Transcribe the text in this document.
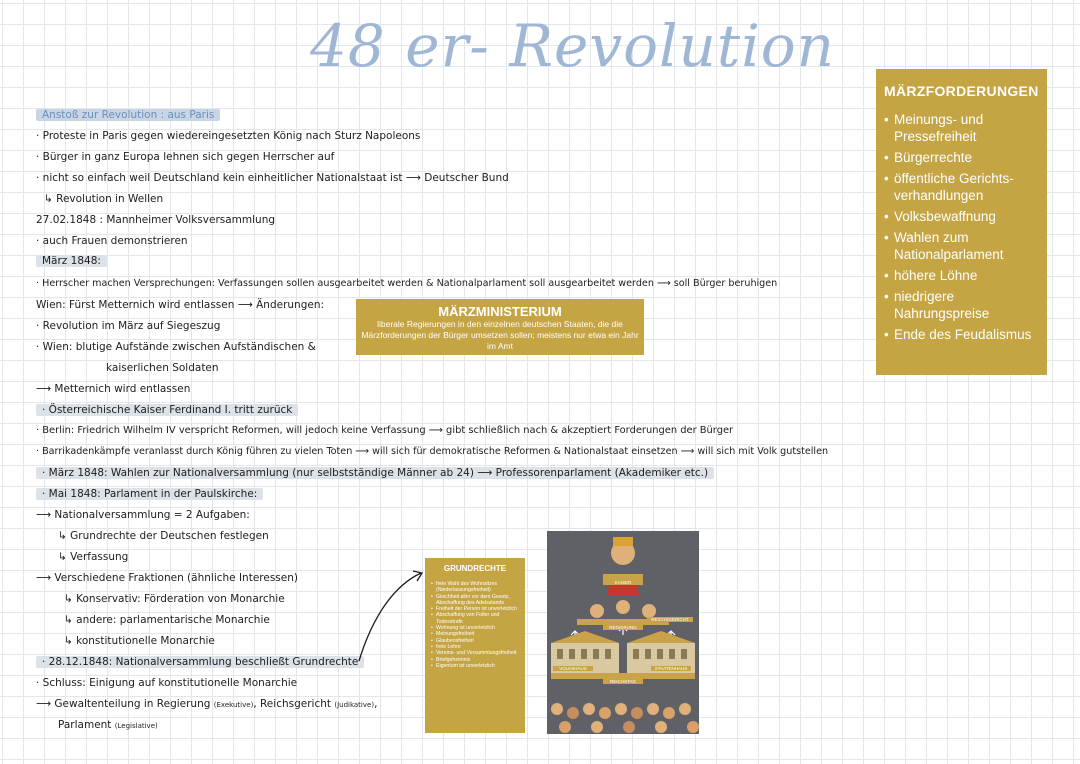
48 er- Revolution
Anstoß zur Revolution : aus Paris
· Proteste in Paris gegen wiedereingesetzten König nach Sturz Napoleons
· Bürger in ganz Europa lehnen sich gegen Herrscher auf
· nicht so einfach weil Deutschland kein einheitlicher Nationalstaat ist ⟶ Deutscher Bund
↳ Revolution in Wellen
27.02.1848 : Mannheimer Volksversammlung
· auch Frauen demonstrieren
März 1848:
· Herrscher machen Versprechungen: Verfassungen sollen ausgearbeitet werden & Nationalparlament soll ausgearbeitet werden ⟶ soll Bürger beruhigen
Wien: Fürst Metternich wird entlassen ⟶ Änderungen:
· Revolution im März auf Siegeszug
· Wien: blutige Aufstände zwischen Aufständischen &
kaiserlichen Soldaten
⟶ Metternich wird entlassen
· Österreichische Kaiser Ferdinand I. tritt zurück
· Berlin: Friedrich Wilhelm IV verspricht Reformen, will jedoch keine Verfassung ⟶ gibt schließlich nach & akzeptiert Forderungen der Bürger
· Barrikadenkämpfe veranlasst durch König führen zu vielen Toten ⟶ will sich für demokratische Reformen & Nationalstaat einsetzen ⟶ will sich mit Volk gutstellen
· März 1848: Wahlen zur Nationalversammlung (nur selbstständige Männer ab 24) ⟶ Professorenparlament (Akademiker etc.)
· Mai 1848: Parlament in der Paulskirche:
⟶ Nationalversammlung = 2 Aufgaben:
↳ Grundrechte der Deutschen festlegen
↳ Verfassung
⟶ Verschiedene Fraktionen (ähnliche Interessen)
↳ Konservativ: Förderation von Monarchie
↳ andere: parlamentarische Monarchie
↳ konstitutionelle Monarchie
· 28.12.1848: Nationalversammlung beschließt Grundrechte
· Schluss: Einigung auf konstitutionelle Monarchie
⟶ Gewaltenteilung in Regierung (Exekutive), Reichsgericht (Judikative),
Parlament (Legislative)
MÄRZFORDERUNGEN
• Meinungs- und Pressefreiheit
• Bürgerrechte
• öffentliche Gerichts-verhandlungen
• Volksbewaffnung
• Wahlen zum Nationalparlament
• höhere Löhne
• niedrigere Nahrungspreise
• Ende des Feudalismus
MÄRZMINISTERIUM
liberale Regierungen in den einzelnen deutschen Staaten, die die Märzforderungen der Bürger umsetzen sollen; meistens nur etwa ein Jahr im Amt
GRUNDRECHTE
• freie Wahl des Wohnsitzes (Niederlassungsfreiheit)
• Gleichheit aller vor dem Gesetz, Abschaffung des Adelsstands
• Freiheit der Person ist unverletzlich
• Abschaffung von Folter und Todesstrafe
• Wohnung ist unverletzlich
• Meinungsfreiheit
• Glaubensfreiheit
• freie Lehre
• Vereins- und Versammlungsfreiheit
• Briefgeheimnis
• Eigentum ist unverletzlich
KAISER
REGIERUNG
REICHSGERICHT
REICHSTAG
VOLKSHAUS	STAATENHAUS
